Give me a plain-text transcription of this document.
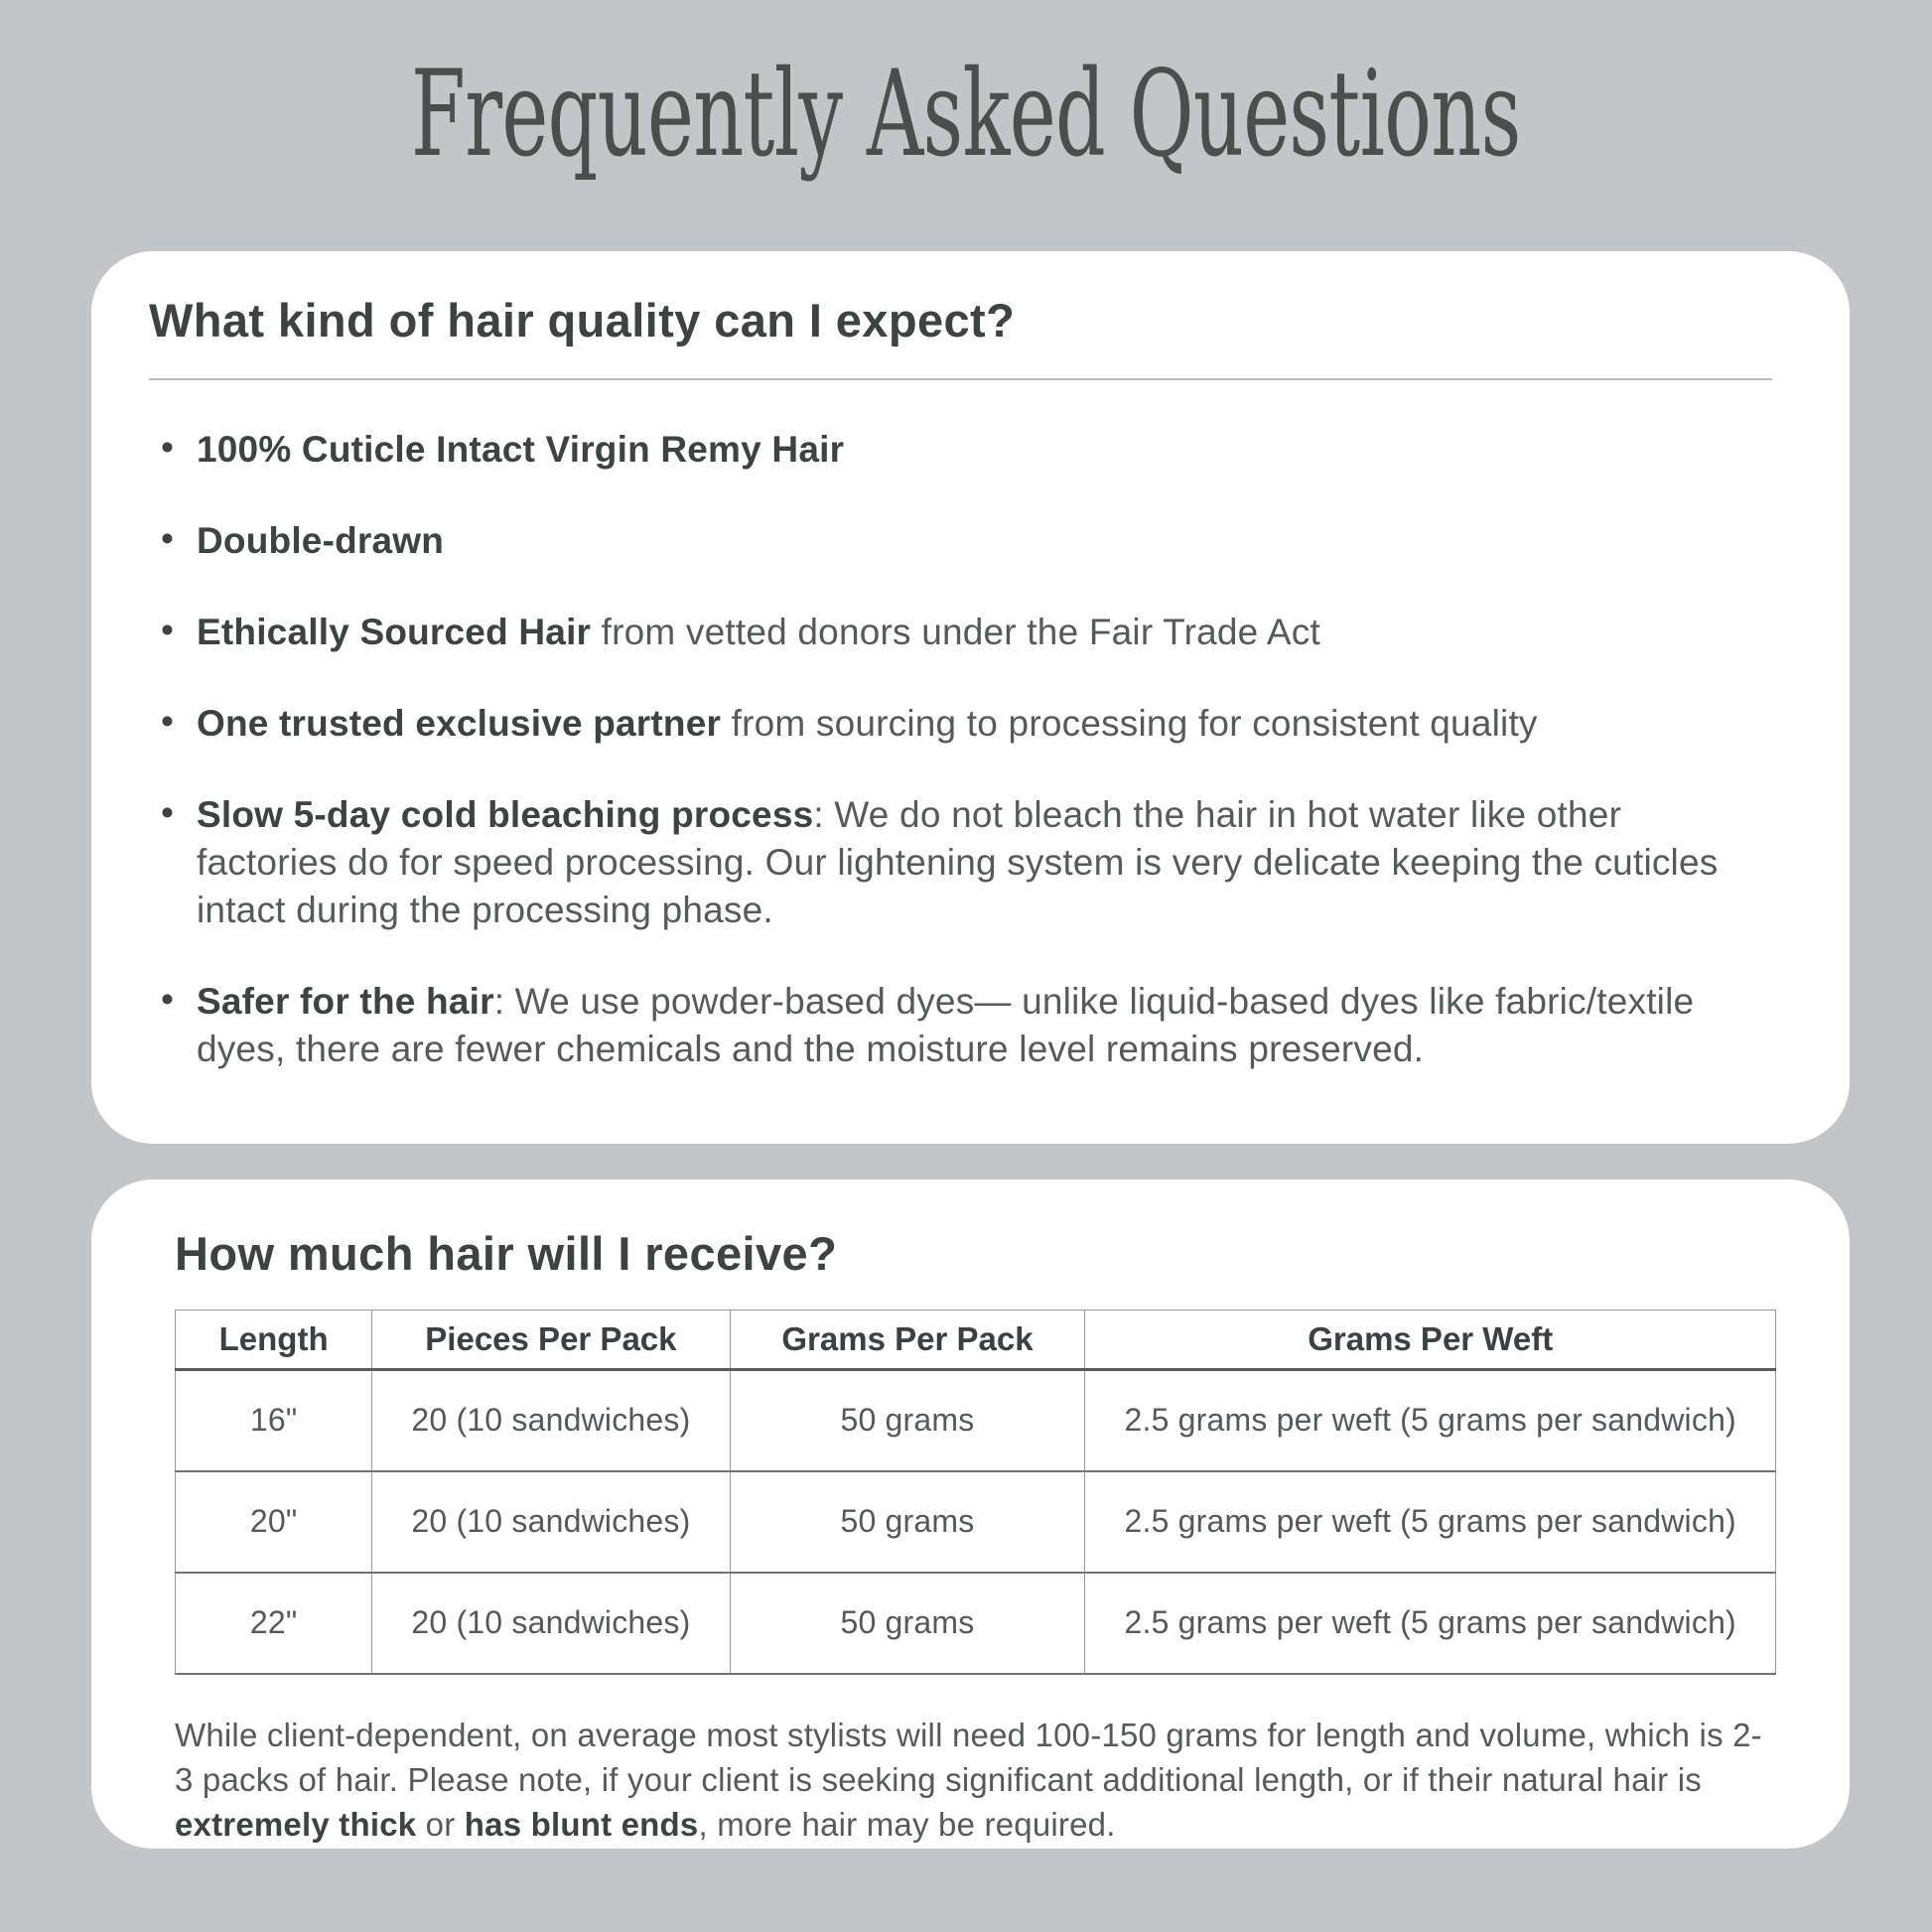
Frequently Asked Questions
What kind of hair quality can I expect?
• 100% Cuticle Intact Virgin Remy Hair
• Double-drawn
• Ethically Sourced Hair from vetted donors under the Fair Trade Act
• One trusted exclusive partner from sourcing to processing for consistent quality
• Slow 5-day cold bleaching process: We do not bleach the hair in hot water like other factories do for speed processing. Our lightening system is very delicate keeping the cuticles intact during the processing phase.
• Safer for the hair: We use powder-based dyes— unlike liquid-based dyes like fabric/textile dyes, there are fewer chemicals and the moisture level remains preserved.
How much hair will I receive?
Length	Pieces Per Pack	Grams Per Pack	Grams Per Weft
16"	20 (10 sandwiches)	50 grams	2.5 grams per weft (5 grams per sandwich)
20"	20 (10 sandwiches)	50 grams	2.5 grams per weft (5 grams per sandwich)
22"	20 (10 sandwiches)	50 grams	2.5 grams per weft (5 grams per sandwich)

While client-dependent, on average most stylists will need 100-150 grams for length and volume, which is 2-3 packs of hair. Please note, if your client is seeking significant additional length, or if their natural hair is extremely thick or has blunt ends, more hair may be required.
